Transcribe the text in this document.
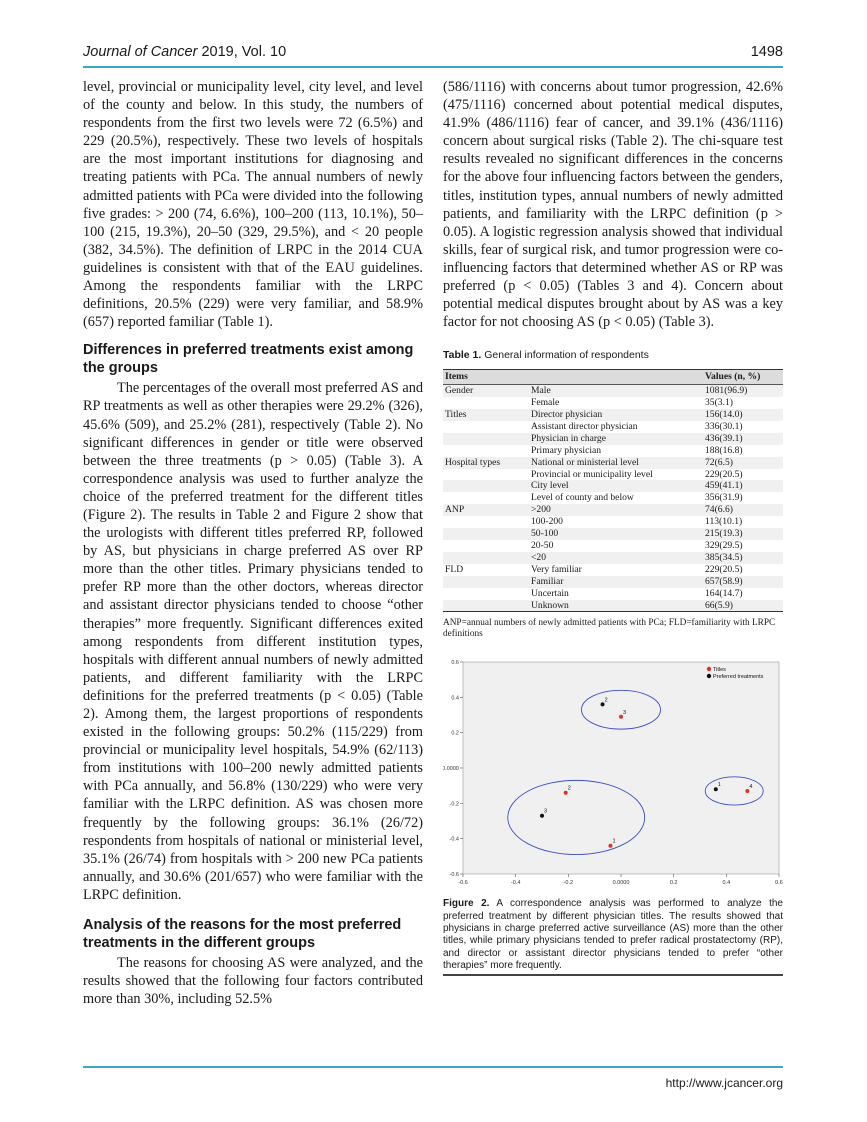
Journal of Cancer 2019, Vol. 10	1498

level, provincial or municipality level, city level, and level of the county and below. In this study, the numbers of respondents from the first two levels were 72 (6.5%) and 229 (20.5%), respectively. These two levels of hospitals are the most important institutions for diagnosing and treating patients with PCa. The annual numbers of newly admitted patients with PCa were divided into the following five grades: > 200 (74, 6.6%), 100–200 (113, 10.1%), 50–100 (215, 19.3%), 20–50 (329, 29.5%), and < 20 people (382, 34.5%). The definition of LRPC in the 2014 CUA guidelines is consistent with that of the EAU guidelines. Among the respondents familiar with the LRPC definitions, 20.5% (229) were very familiar, and 58.9% (657) reported familiar (Table 1).

Differences in preferred treatments exist among the groups

The percentages of the overall most preferred AS and RP treatments as well as other therapies were 29.2% (326), 45.6% (509), and 25.2% (281), respectively (Table 2). No significant differences in gender or title were observed between the three treatments (p > 0.05) (Table 3). A correspondence analysis was used to further analyze the choice of the preferred treatment for the different titles (Figure 2). The results in Table 2 and Figure 2 show that the urologists with different titles preferred RP, followed by AS, but physicians in charge preferred AS over RP more than the other titles. Primary physicians tended to prefer RP more than the other doctors, whereas director and assistant director physicians tended to choose “other therapies” more frequently. Significant differences exited among respondents from different institution types, hospitals with different annual numbers of newly admitted patients, and different familiarity with the LRPC definitions for the preferred treatments (p < 0.05) (Table 2). Among them, the largest proportions of respondents existed in the following groups: 50.2% (115/229) from provincial or municipality level hospitals, 54.9% (62/113) from institutions with 100–200 newly admitted patients with PCa annually, and 56.8% (130/229) who were very familiar with the LRPC definition. AS was chosen more frequently by the following groups: 36.1% (26/72) respondents from hospitals of national or ministerial level, 35.1% (26/74) from hospitals with > 200 new PCa patients annually, and 30.6% (201/657) who were familiar with the LRPC definition.

Analysis of the reasons for the most preferred treatments in the different groups

The reasons for choosing AS were analyzed, and the results showed that the following four factors contributed more than 30%, including 52.5%

(586/1116) with concerns about tumor progression, 42.6% (475/1116) concerned about potential medical disputes, 41.9% (486/1116) fear of cancer, and 39.1% (436/1116) concern about surgical risks (Table 2). The chi-square test results revealed no significant differences in the concerns for the above four influencing factors between the genders, titles, institution types, annual numbers of newly admitted patients, and familiarity with the LRPC definition (p > 0.05). A logistic regression analysis showed that individual skills, fear of surgical risk, and tumor progression were co-influencing factors that determined whether AS or RP was preferred (p < 0.05) (Tables 3 and 4). Concern about potential medical disputes brought about by AS was a key factor for not choosing AS (p < 0.05) (Table 3).

Table 1. General information of respondents
Items		Values (n, %)
Gender	Male	1081(96.9)
	Female	35(3.1)
Titles	Director physician	156(14.0)
	Assistant director physician	336(30.1)
	Physician in charge	436(39.1)
	Primary physician	188(16.8)
Hospital types	National or ministerial level	72(6.5)
	Provincial or municipality level	229(20.5)
	City level	459(41.1)
	Level of county and below	356(31.9)
ANP	>200	74(6.6)
	100-200	113(10.1)
	50-100	215(19.3)
	20-50	329(29.5)
	<20	385(34.5)
FLD	Very familiar	229(20.5)
	Familiar	657(58.9)
	Uncertain	164(14.7)
	Unknown	66(5.9)
ANP=annual numbers of newly admitted patients with PCa; FLD=familiarity with LRPC definitions
-0.6	-0.4	-0.2	0.0000	0.2	0.4	0.6
0.6
0.4
0.2
0.0000
-0.2
-0.4
-0.6
1
2
3
4
1
2
3
Titles
Preferred treatments
Figure 2. A correspondence analysis was performed to analyze the preferred treatment by different physician titles. The results showed that physicians in charge preferred active surveillance (AS) more than the other titles, while primary physicians tended to prefer radical prostatectomy (RP), and director or assistant director physicians tended to prefer “other therapies” more frequently.
http://www.jcancer.org
